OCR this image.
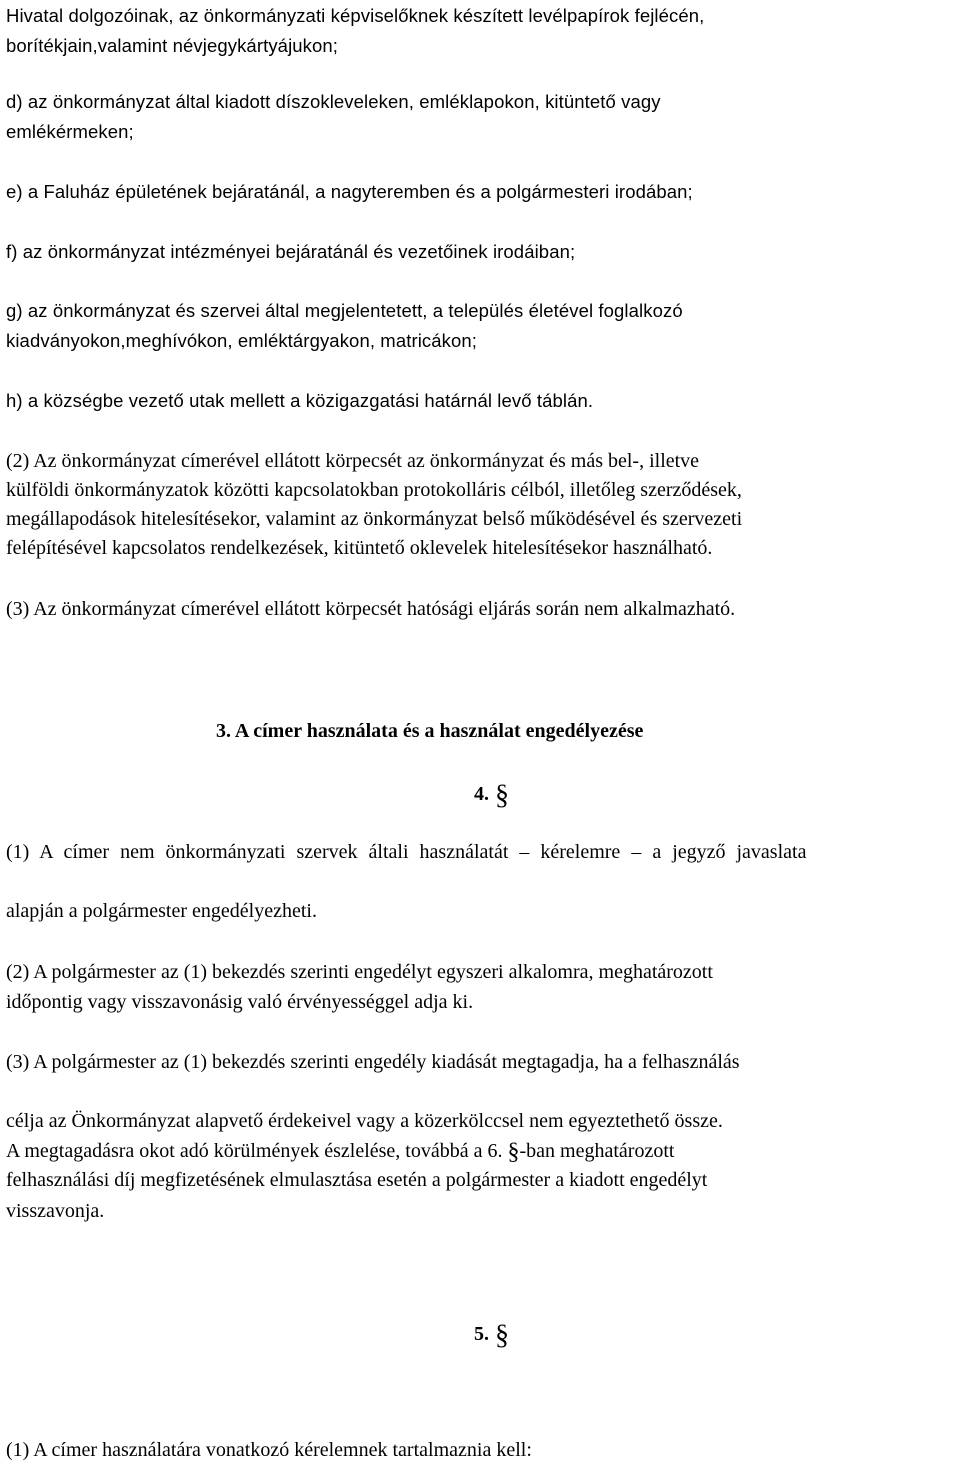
Hivatal dolgozóinak, az önkormányzati képviselőknek készített levélpapírok fejlécén,
borítékjain,valamint névjegykártyájukon;
d) az önkormányzat által kiadott díszokleveleken, emléklapokon, kitüntető vagy
emlékérmeken;
e) a Faluház épületének bejáratánál, a nagyteremben és a polgármesteri irodában;
f) az önkormányzat intézményei bejáratánál és vezetőinek irodáiban;
g) az önkormányzat és szervei által megjelentetett, a település életével foglalkozó
kiadványokon,meghívókon, emléktárgyakon, matricákon;
h) a községbe vezető utak mellett a közigazgatási határnál levő táblán.
(2) Az önkormányzat címerével ellátott körpecsét az önkormányzat és más bel-, illetve
külföldi önkormányzatok közötti kapcsolatokban protokolláris célból, illetőleg szerződések,
megállapodások hitelesítésekor, valamint az önkormányzat belső működésével és szervezeti
felépítésével kapcsolatos rendelkezések, kitüntető oklevelek hitelesítésekor használható.
(3) Az önkormányzat címerével ellátott körpecsét hatósági eljárás során nem alkalmazható.
3. A címer használata és a használat engedélyezése
4. §
(1) A címer nem önkormányzati szervek általi használatát – kérelemre – a jegyző javaslata
alapján a polgármester engedélyezheti.
(2) A polgármester az (1) bekezdés szerinti engedélyt egyszeri alkalomra, meghatározott
időpontig vagy visszavonásig való érvényességgel adja ki.
(3) A polgármester az (1) bekezdés szerinti engedély kiadását megtagadja, ha a felhasználás
célja az Önkormányzat alapvető érdekeivel vagy a közerkölccsel nem egyeztethető össze.
A megtagadásra okot adó körülmények észlelése, továbbá a 6. §-ban meghatározott
felhasználási díj megfizetésének elmulasztása esetén a polgármester a kiadott engedélyt
visszavonja.
5. §
(1) A címer használatára vonatkozó kérelemnek tartalmaznia kell:
